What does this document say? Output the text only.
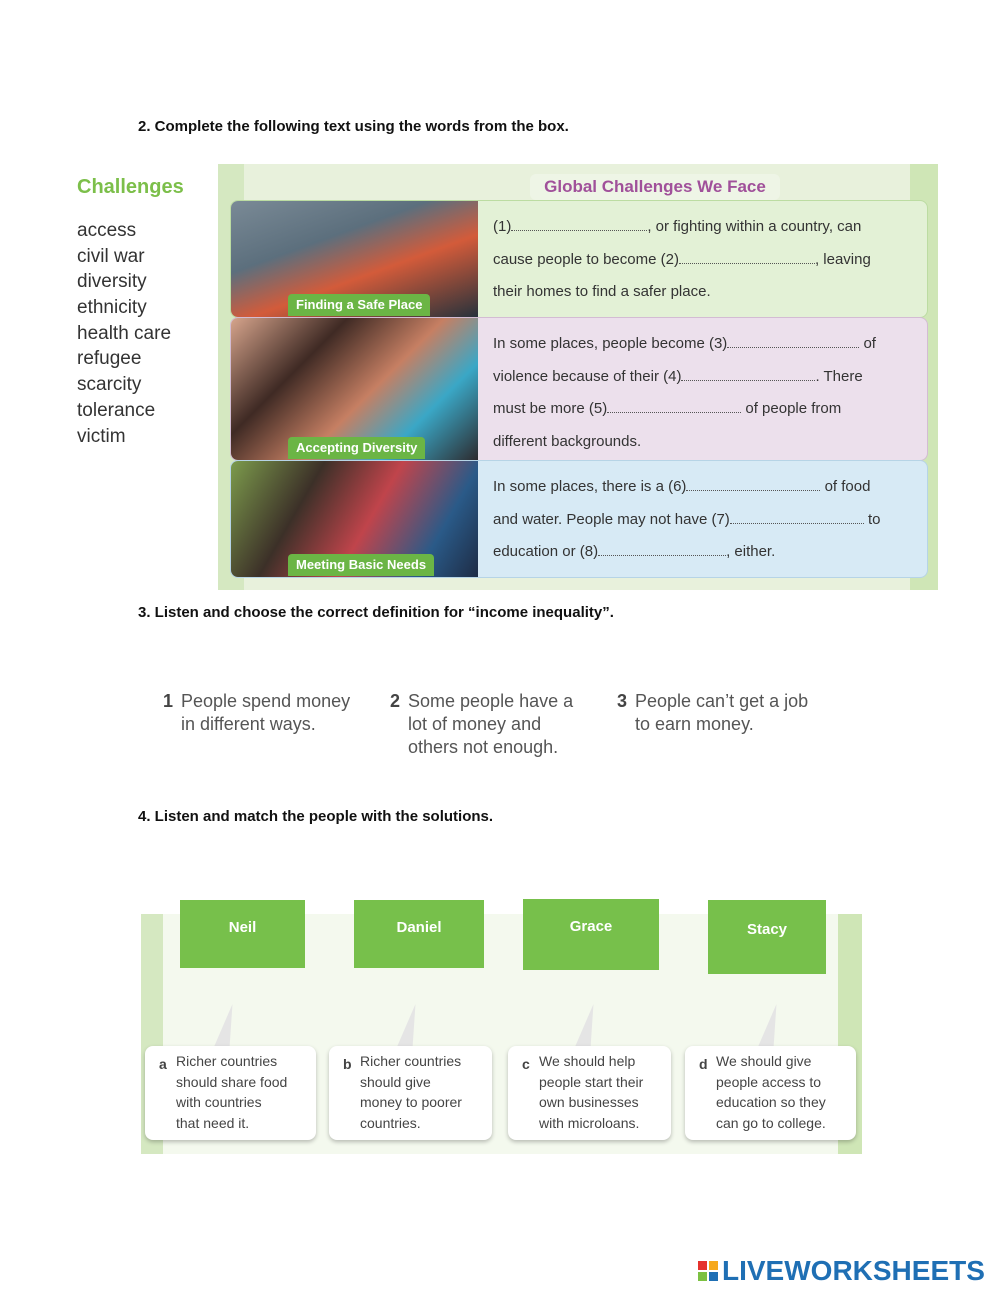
2. Complete the following text using the words from the box.
Challenges
access
civil war
diversity
ethnicity
health care
refugee
scarcity
tolerance
victim
Global Challenges We Face
Finding a Safe Place
(1)	, or fighting within a country, can
cause people to become (2)	, leaving
their homes to find a safer place.
Accepting Diversity
In some places, people become (3)	of
violence because of their (4)	. There
must be more (5)	of people from
different backgrounds.
Meeting Basic Needs
In some places, there is a (6)	of food
and water. People may not have (7)	to
education or (8)	, either.
3. Listen and choose the correct definition for “income inequality”.
1 People spend money
in different ways.
2 Some people have a
lot of money and
others not enough.
3 People can’t get a job
to earn money.
4. Listen and match the people with the solutions.
Neil	Daniel	Grace	Stacy
a Richer countries
should share food
with countries
that need it.
b Richer countries
should give
money to poorer
countries.
c We should help
people start their
own businesses
with microloans.
d We should give
people access to
education so they
can go to college.
LIVEWORKSHEETS
